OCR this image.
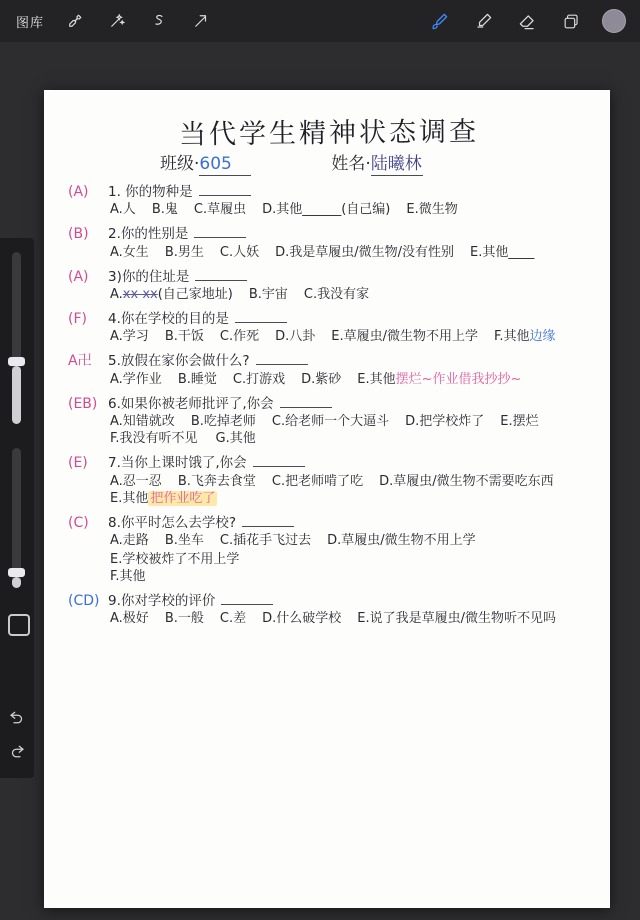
图库
当代学生精神状态调查
班级·605	姓名·陆曦林
(A)	1. 你的物种是
A.人 B.鬼 C.草履虫 D.其他______(自己编) E.微生物
(B)	2.你的性别是
A.女生 B.男生 C.人妖 D.我是草履虫/微生物/没有性别 E.其他____
(A)	3)你的住址是
A.xx xx(自己家地址) B.宇宙 C.我没有家
(F)	4.你在学校的目的是
A.学习 B.干饭 C.作死 D.八卦 E.草履虫/微生物不用上学 F.其他边缘
A卍	5.放假在家你会做什么?
A.学作业 B.睡觉 C.打游戏 D.紫砂 E.其他摆烂~作业借我抄抄~
(EB) 6.如果你被老师批评了,你会
A.知错就改 B.吃掉老师 C.给老师一个大逼斗 D.把学校炸了 E.摆烂
F.我没有听不见 G.其他
(E)	7.当你上课时饿了,你会
A.忍一忍 B.飞奔去食堂 C.把老师啃了吃 D.草履虫/微生物不需要吃东西
E.其他 把作业吃了
(C)	8.你平时怎么去学校?
A.走路 B.坐车 C.插花手飞过去 D.草履虫/微生物不用上学
E.学校被炸了不用上学
F.其他
(CD) 9.你对学校的评价
A.极好 B.一般 C.差 D.什么破学校 E.说了我是草履虫/微生物听不见吗
